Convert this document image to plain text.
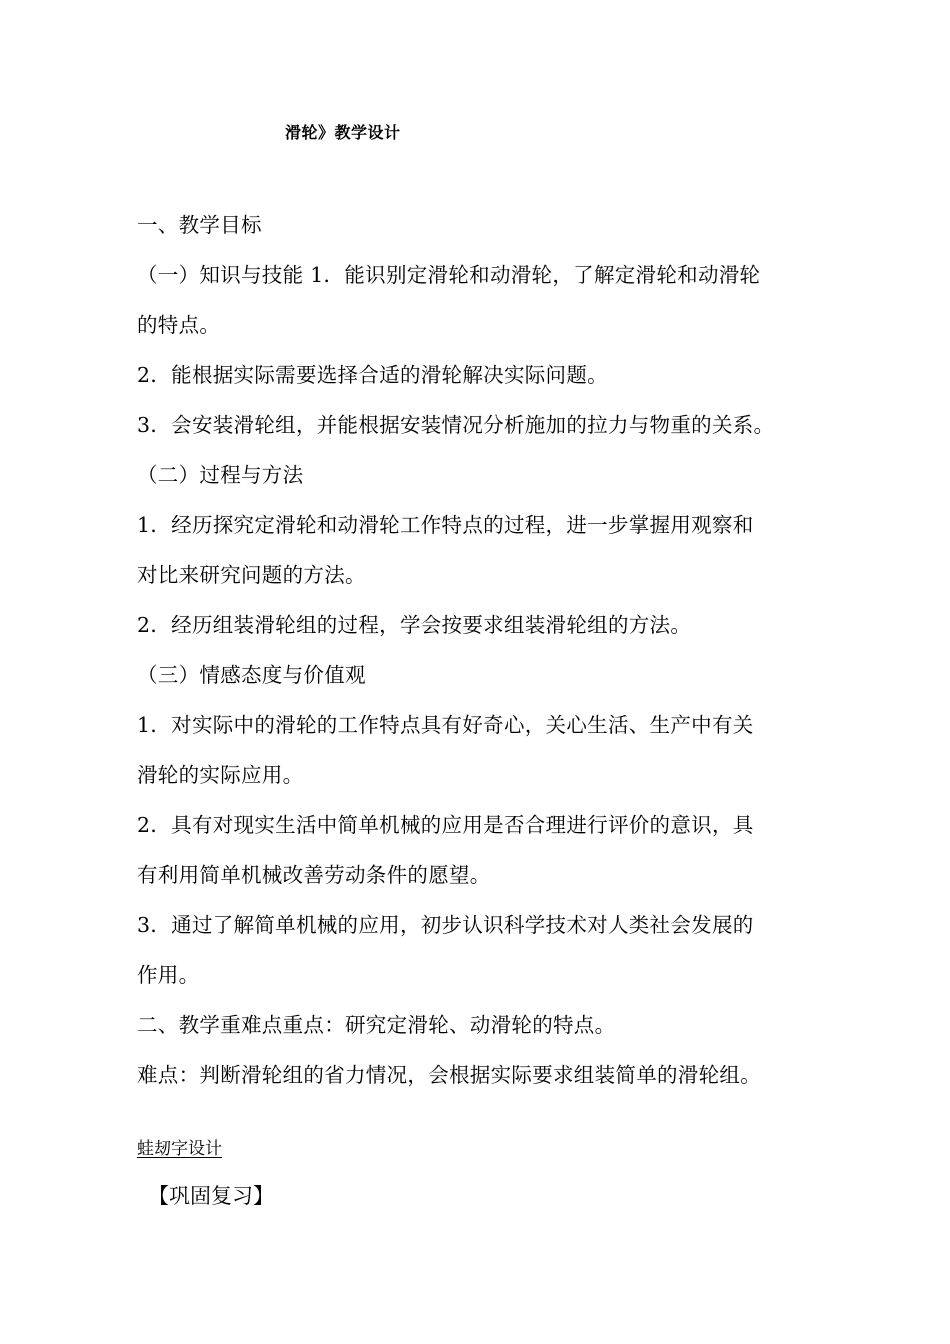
滑轮》教学设计
一、教学目标
（一）知识与技能 1．能识别定滑轮和动滑轮，了解定滑轮和动滑轮
的特点。
2．能根据实际需要选择合适的滑轮解决实际问题。
3．会安装滑轮组，并能根据安装情况分析施加的拉力与物重的关系。
（二）过程与方法
1．经历探究定滑轮和动滑轮工作特点的过程，进一步掌握用观察和
对比来研究问题的方法。
2．经历组装滑轮组的过程，学会按要求组装滑轮组的方法。
（三）情感态度与价值观
1．对实际中的滑轮的工作特点具有好奇心，关心生活、生产中有关
滑轮的实际应用。
2．具有对现实生活中简单机械的应用是否合理进行评价的意识，具
有利用简单机械改善劳动条件的愿望。
3．通过了解简单机械的应用，初步认识科学技术对人类社会发展的
作用。
二、教学重难点重点：研究定滑轮、动滑轮的特点。
难点：判断滑轮组的省力情况，会根据实际要求组装简单的滑轮组。
蛙刼字设计
【巩固复习】
